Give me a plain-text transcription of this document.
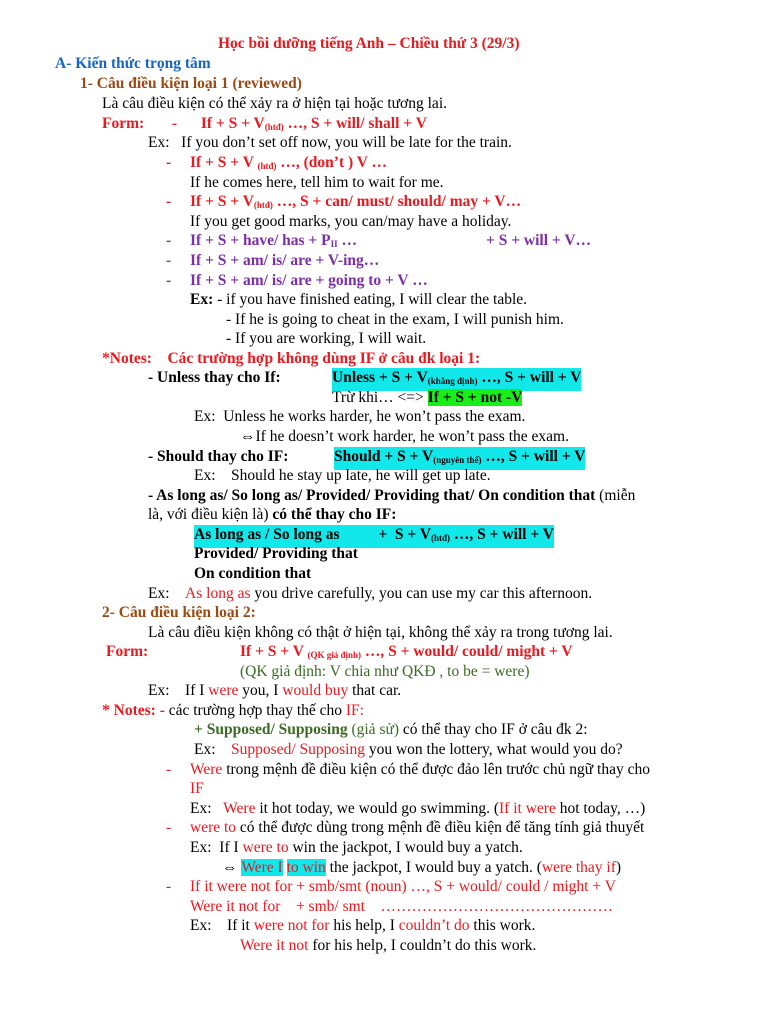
Học bồi dưỡng tiếng Anh – Chiều thứ 3 (29/3)
A- Kiến thức trọng tâm
1- Câu điều kiện loại 1 (reviewed)
Là câu điều kiện có thể xảy ra ở hiện tại hoặc tương lai.
Form: - $If + S + V_{(htđ)}$ …, S + will/ shall + V
Ex: If you don’t set off now, you will be late for the train.
- If + S + V $_{(htđ)}$ …, (don’t ) V …
If he comes here, tell him to wait for me.
- $If + S + V_{(htđ)}$ …, S + can/ must/ should/ may + V…
If you get good marks, you can/may have a holiday.
- If + S + have/ has + $P_{II}$ …	+ S + will + V…
- If + S + am/ is/ are + V-ing…
- If + S + am/ is/ are + going to + V …
Ex: - if you have finished eating, I will clear the table.
- If he is going to cheat in the exam, I will punish him.
- If you are working, I will wait.
*Notes: Các trường hợp không dùng IF ở câu đk loại 1:
- Unless thay cho If:	Unless + $S + V_{(khẳng định)}$ …, S + will + V
Trừ khi… <=> If + S + not -V
Ex: Unless he works harder, he won’t pass the exam.
⇔If he doesn’t work harder, he won’t pass the exam.
- Should thay cho IF:	Should + $S + V_{(nguyên thể)}$ …, S + will + V
Ex: Should he stay up late, he will get up late.
- As long as/ So long as/ Provided/ Providing that/ On condition that (miễn
là, với điều kiện là) có thể thay cho IF:
As long as / So long as          +  $S + V_{(htđ)}$ …, S + will + V
Provided/ Providing that
On condition that
Ex: As long as you drive carefully, you can use my car this afternoon.
2- Câu điều kiện loại 2:
Là câu điều kiện không có thật ở hiện tại, không thể xảy ra trong tương lai.
Form:	If + S + V $_{(QK giả định)}$ …, S + would/ could/ might + V
(QK giả định: V chia như QKĐ , to be = were)
Ex: If I were you, I would buy that car.
* Notes: - các trường hợp thay thế cho IF:
+ Supposed/ Supposing (giả sử) có thể thay cho IF ở câu đk 2:
Ex: Supposed/ Supposing you won the lottery, what would you do?
- Were trong mệnh đề điều kiện có thể được đảo lên trước chủ ngữ thay cho
IF
Ex: Were it hot today, we would go swimming. (If it were hot today, …)
- were to có thể được dùng trong mệnh đề điều kiện để tăng tính giả thuyết
Ex: If I were to win the jackpot, I would buy a yatch.
⇔ Were I to win the jackpot, I would buy a yatch. (were thay if)
- If it were not for + smb/smt (noun) …, S + would/ could / might + V
Were it not for    + smb/ smt    ………………………………………
Ex: If it were not for his help, I couldn’t do this work.
Were it not for his help, I couldn’t do this work.
